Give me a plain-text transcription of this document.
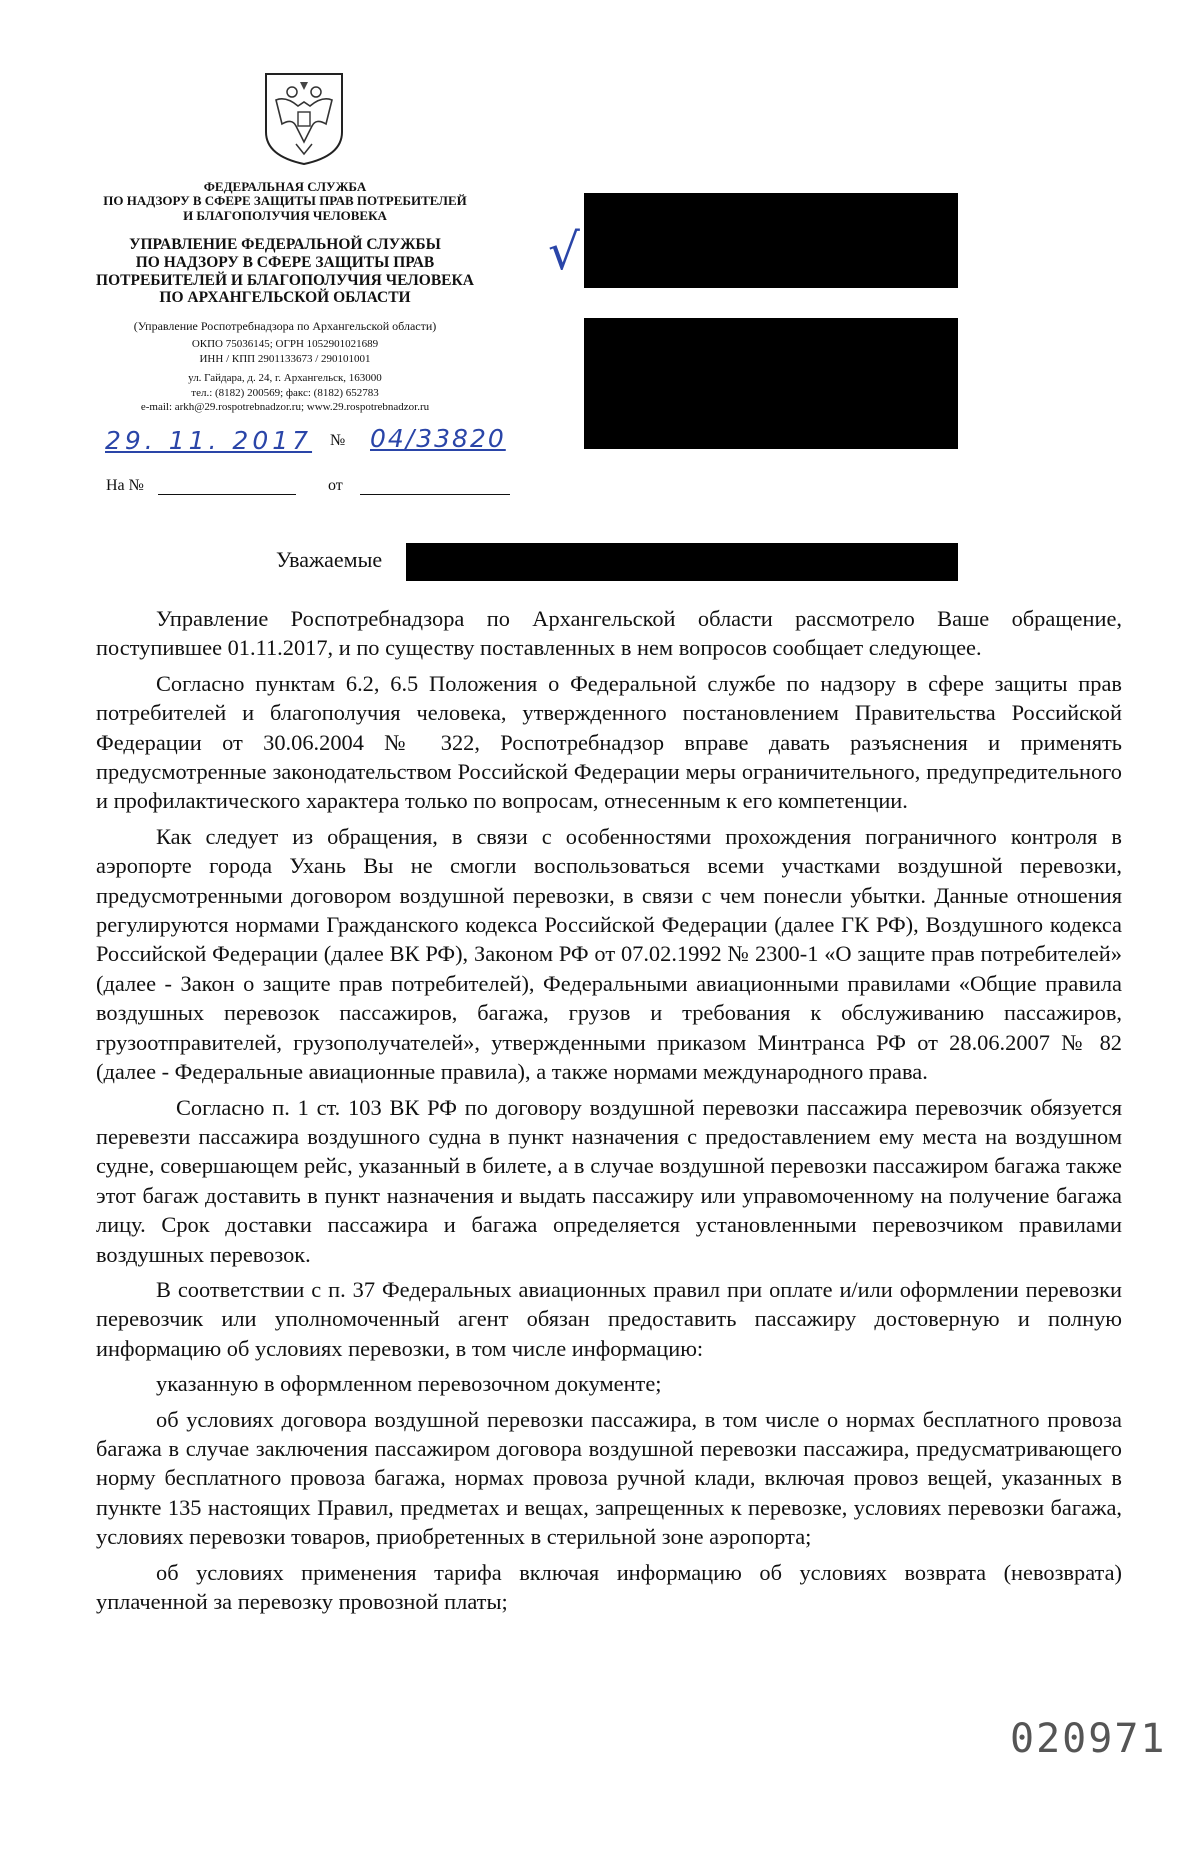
ФЕДЕРАЛЬНАЯ СЛУЖБА
ПО НАДЗОРУ В СФЕРЕ ЗАЩИТЫ ПРАВ ПОТРЕБИТЕЛЕЙ
И БЛАГОПОЛУЧИЯ ЧЕЛОВЕКА
УПРАВЛЕНИЕ ФЕДЕРАЛЬНОЙ СЛУЖБЫ
ПО НАДЗОРУ В СФЕРЕ ЗАЩИТЫ ПРАВ
ПОТРЕБИТЕЛЕЙ И БЛАГОПОЛУЧИЯ ЧЕЛОВЕКА
ПО АРХАНГЕЛЬСКОЙ ОБЛАСТИ
(Управление Роспотребнадзора по Архангельской области)
ОКПО 75036145; ОГРН 1052901021689
ИНН / КПП 2901133673 / 290101001
ул. Гайдара, д. 24, г. Архангельск, 163000
тел.: (8182) 200569; факс: (8182) 652783
e-mail: arkh@29.rospotrebnadzor.ru; www.29.rospotrebnadzor.ru
29. 11. 2017 № 04/33820
На №	от
√
Уважаемые

Управление Роспотребнадзора по Архангельской области рассмотрело Ваше обращение, поступившее 01.11.2017, и по существу поставленных в нем вопросов сообщает следующее.

Согласно пунктам 6.2, 6.5 Положения о Федеральной службе по надзору в сфере защиты прав потребителей и благополучия человека, утвержденного постановлением Правительства Российской Федерации от 30.06.2004 № 322, Роспотребнадзор вправе давать разъяснения и применять предусмотренные законодательством Российской Федерации меры ограничительного, предупредительного и профилактического характера только по вопросам, отнесенным к его компетенции.

Как следует из обращения, в связи с особенностями прохождения пограничного контроля в аэропорте города Ухань Вы не смогли воспользоваться всеми участками воздушной перевозки, предусмотренными договором воздушной перевозки, в связи с чем понесли убытки. Данные отношения регулируются нормами Гражданского кодекса Российской Федерации (далее ГК РФ), Воздушного кодекса Российской Федерации (далее ВК РФ), Законом РФ от 07.02.1992 № 2300-1 «О защите прав потребителей» (далее - Закон о защите прав потребителей), Федеральными авиационными правилами «Общие правила воздушных перевозок пассажиров, багажа, грузов и требования к обслуживанию пассажиров, грузоотправителей, грузополучателей», утвержденными приказом Минтранса РФ от 28.06.2007 № 82 (далее - Федеральные авиационные правила), а также нормами международного права.

Согласно п. 1 ст. 103 ВК РФ по договору воздушной перевозки пассажира перевозчик обязуется перевезти пассажира воздушного судна в пункт назначения с предоставлением ему места на воздушном судне, совершающем рейс, указанный в билете, а в случае воздушной перевозки пассажиром багажа также этот багаж доставить в пункт назначения и выдать пассажиру или управомоченному на получение багажа лицу. Срок доставки пассажира и багажа определяется установленными перевозчиком правилами воздушных перевозок.

В соответствии с п. 37 Федеральных авиационных правил при оплате и/или оформлении перевозки перевозчик или уполномоченный агент обязан предоставить пассажиру достоверную и полную информацию об условиях перевозки, в том числе информацию:

указанную в оформленном перевозочном документе;

об условиях договора воздушной перевозки пассажира, в том числе о нормах бесплатного провоза багажа в случае заключения пассажиром договора воздушной перевозки пассажира, предусматривающего норму бесплатного провоза багажа, нормах провоза ручной клади, включая провоз вещей, указанных в пункте 135 настоящих Правил, предметах и вещах, запрещенных к перевозке, условиях перевозки багажа, условиях перевозки товаров, приобретенных в стерильной зоне аэропорта;

об условиях применения тарифа включая информацию об условиях возврата (невозврата) уплаченной за перевозку провозной платы;

020971
